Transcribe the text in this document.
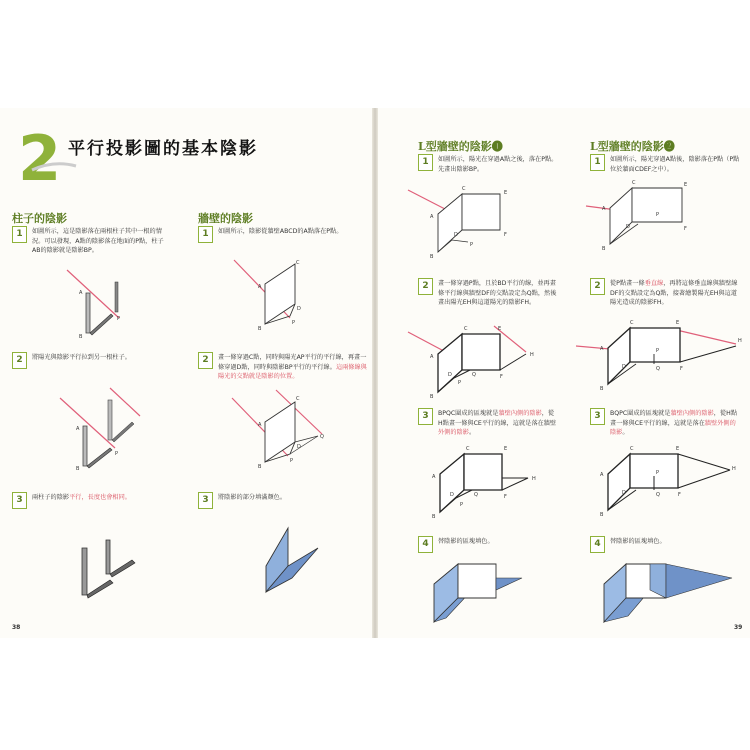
2 平行投影圖的基本陰影
柱子的陰影
1	如圖所示，這是陰影落在兩根柱子其中一根的情況。可以發現，A點的陰影落在地面的P點，柱子AB的陰影就是陰影BP。
A
B
P
2	將陽光與陰影平行拉到另一根柱子。
A
B
P
3	兩柱子的陰影平行，長度也會相同。
牆壁的陰影
1	如圖所示，陰影從牆壁ABCD的A點落在P點。
A
B
C
D
P
2	畫一條穿過C點，同時與陽光AP平行的平行線，再畫一條穿過D點，同時與陰影BP平行的平行線。這兩條線與陽光的交點就是陰影的位置。
A
B
C
D
P
Q
3	將陰影的部分填滿顏色。
38
L型牆壁的陰影❶
1	如圖所示，陽光在穿過A點之後，落在P點。先畫出陰影BP。
A
B
C
E
D	F
P
2	畫一條穿過P點，且於BD平行的線，並再畫條平行線與牆壁DF的交點設定為Q點，然後畫出陽光EH與這道陽光的陰影FH。
A
B
C	E
D	F
Q
P
H
3	BPQC圍成的區塊就是牆壁內側的陰影，從H點畫一條與CE平行的線，這就是落在牆壁外側的陰影。
A
B
C	E
D	F
Q
P
H
4	替陰影的區塊填色。
L型牆壁的陰影❷
1	如圖所示，陽光穿過A點後，陰影落在P點（P點位於牆面CDEF之中）。
A
B
C	E
D	F
P
2	從P點畫一條垂直線，再將這條垂直線與牆壁線DF的交點設定為Q點，接著繪製陽光EH與這道陽光造成的陰影FH。
A
B
C	E
D	F
Q
P
H
3	BQPC圍成的區塊就是牆壁內側的陰影，從H點畫一條與CE平行的線，這就是落在牆壁外側的陰影。
A
B
C	E
D	F
Q
P
H
4	替陰影的區塊填色。
39
